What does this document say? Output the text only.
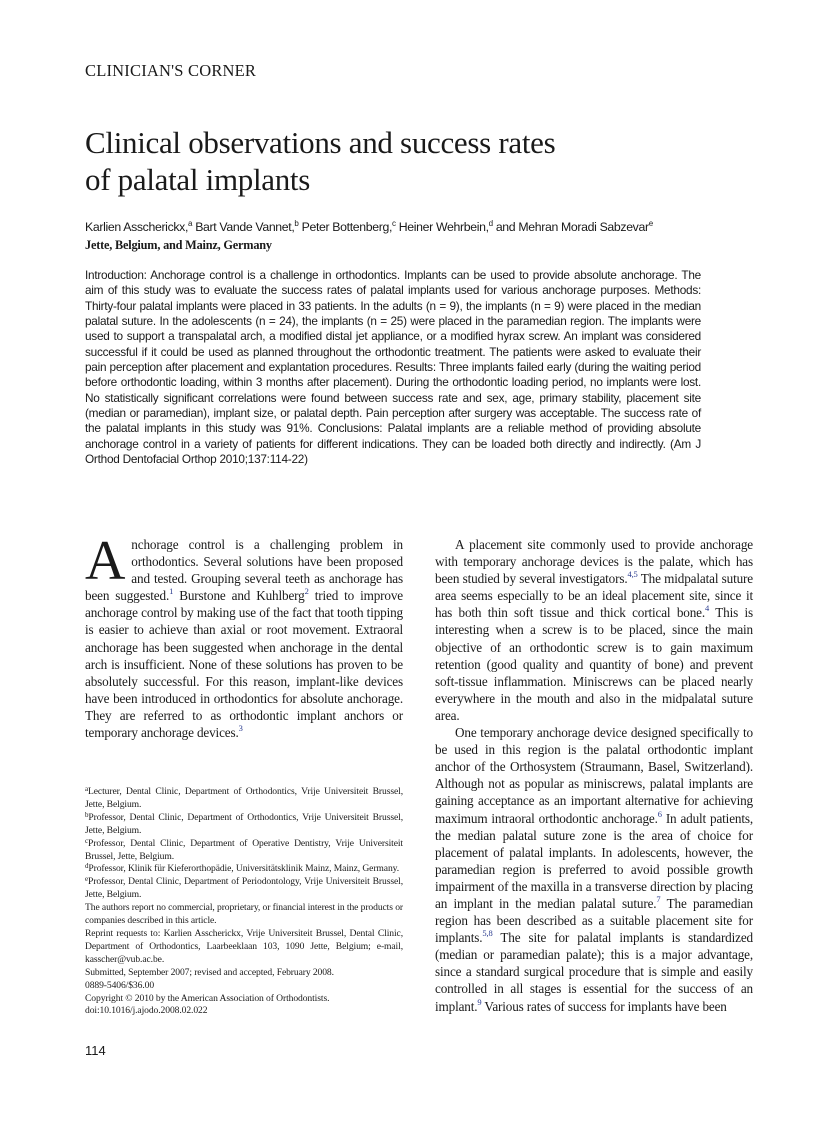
CLINICIAN'S CORNER
Clinical observations and success rates
of palatal implants
Karlien Asscherickx,$^a$ Bart Vande Vannet,$^b$ Peter Bottenberg,$^c$ Heiner Wehrbein,$^d$ and Mehran Moradi Sabzevar$^e$
Jette, Belgium, and Mainz, Germany

Introduction: Anchorage control is a challenge in orthodontics. Implants can be used to provide absolute anchorage. The aim of this study was to evaluate the success rates of palatal implants used for various anchorage purposes. Methods: Thirty-four palatal implants were placed in 33 patients. In the adults (n = 9), the implants (n = 9) were placed in the median palatal suture. In the adolescents (n = 24), the implants (n = 25) were placed in the paramedian region. The implants were used to support a transpalatal arch, a modified distal jet appliance, or a modified hyrax screw. An implant was considered successful if it could be used as planned throughout the orthodontic treatment. The patients were asked to evaluate their pain perception after placement and explantation procedures. Results: Three implants failed early (during the waiting period before orthodontic loading, within 3 months after placement). During the orthodontic loading period, no implants were lost. No statistically significant correlations were found between success rate and sex, age, primary stability, placement site (median or paramedian), implant size, or palatal depth. Pain perception after surgery was acceptable. The success rate of the palatal implants in this study was 91%. Conclusions: Palatal implants are a reliable method of providing absolute anchorage control in a variety of patients for different indications. They can be loaded both directly and indirectly. (Am J Orthod Dentofacial Orthop 2010;137:114-22)

Anchorage control is a challenging problem in orthodontics. Several solutions have been proposed and tested. Grouping several teeth as anchorage has been suggested.$^1$ Burstone and Kuhlberg$^2$ tried to improve anchorage control by making use of the fact that tooth tipping is easier to achieve than axial or root movement. Extraoral anchorage has been suggested when anchorage in the dental arch is insufficient. None of these solutions has proven to be absolutely successful. For this reason, implant-like devices have been introduced in orthodontics for absolute anchorage. They are referred to as orthodontic implant anchors or temporary anchorage devices.$^3$

A placement site commonly used to provide anchorage with temporary anchorage devices is the palate, which has been studied by several investigators.$^{4,5}$ The midpalatal suture area seems especially to be an ideal placement site, since it has both thin soft tissue and thick cortical bone.$^4$ This is interesting when a screw is to be placed, since the main objective of an orthodontic screw is to gain maximum retention (good quality and quantity of bone) and prevent soft-tissue inflammation. Miniscrews can be placed nearly everywhere in the mouth and also in the midpalatal suture area.

One temporary anchorage device designed specifically to be used in this region is the palatal orthodontic implant anchor of the Orthosystem (Straumann, Basel, Switzerland). Although not as popular as miniscrews, palatal implants are gaining acceptance as an important alternative for achieving maximum intraoral orthodontic anchorage.$^6$ In adult patients, the median palatal suture zone is the area of choice for placement of palatal implants. In adolescents, however, the paramedian region is preferred to avoid possible growth impairment of the maxilla in a transverse direction by placing an implant in the median palatal suture.$^7$ The paramedian region has been described as a suitable placement site for implants.$^{5,8}$ The site for palatal implants is standardized (median or paramedian palate); this is a major advantage, since a standard surgical procedure that is simple and easily controlled in all stages is essential for the success of an implant.$^9$ Various rates of success for implants have been

$^a$Lecturer, Dental Clinic, Department of Orthodontics, Vrije Universiteit Brussel, Jette, Belgium.
$^b$Professor, Dental Clinic, Department of Orthodontics, Vrije Universiteit Brussel, Jette, Belgium.
$^c$Professor, Dental Clinic, Department of Operative Dentistry, Vrije Universiteit Brussel, Jette, Belgium.
$^d$Professor, Klinik für Kieferorthopädie, Universitätsklinik Mainz, Mainz, Germany.
$^e$Professor, Dental Clinic, Department of Periodontology, Vrije Universiteit Brussel, Jette, Belgium.
The authors report no commercial, proprietary, or financial interest in the products or companies described in this article.
Reprint requests to: Karlien Asscherickx, Vrije Universiteit Brussel, Dental Clinic, Department of Orthodontics, Laarbeeklaan 103, 1090 Jette, Belgium; e-mail, kasscher@vub.ac.be.
Submitted, September 2007; revised and accepted, February 2008.
0889-5406/$36.00
Copyright © 2010 by the American Association of Orthodontists.
doi:10.1016/j.ajodo.2008.02.022
114
